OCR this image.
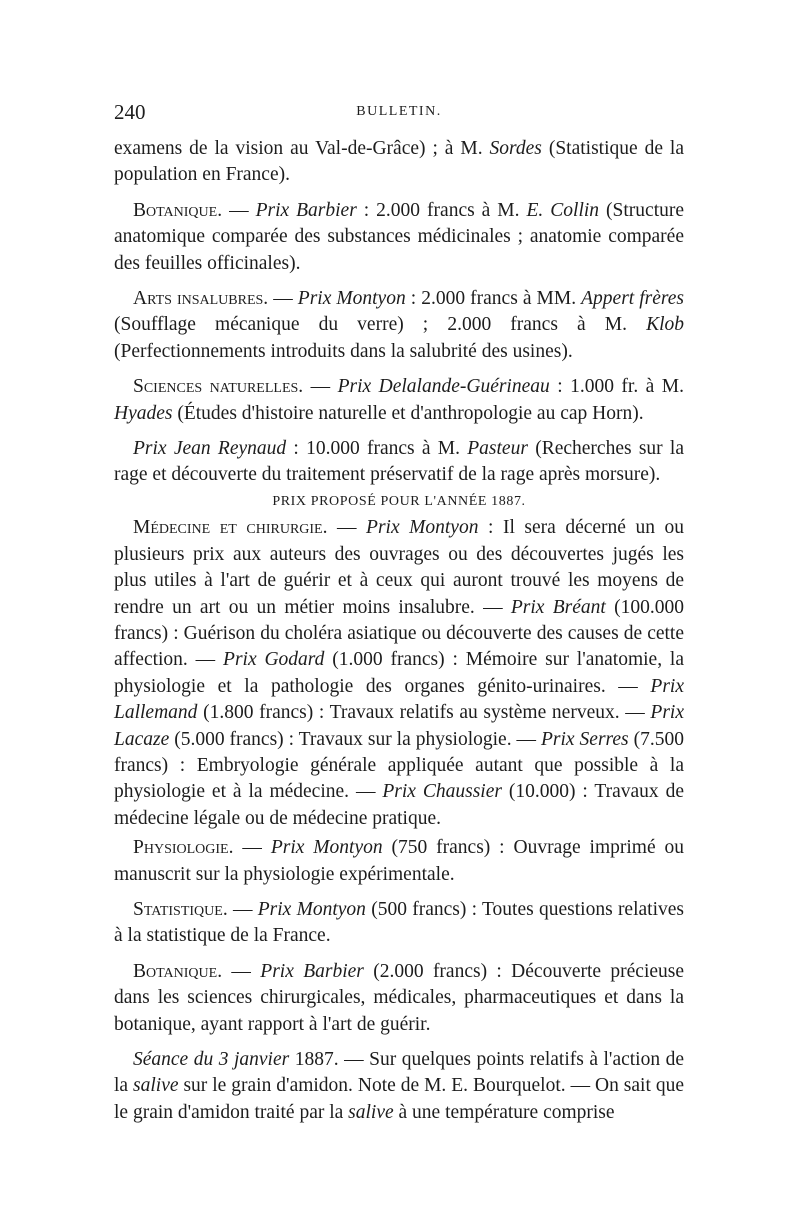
240	BULLETIN.

examens de la vision au Val-de-Grâce) ; à M. Sordes (Statistique de la population en France).

Botanique. — Prix Barbier : 2.000 francs à M. E. Collin (Structure anatomique comparée des substances médicinales ; anatomie comparée des feuilles officinales).

Arts insalubres. — Prix Montyon : 2.000 francs à MM. Appert frères (Soufflage mécanique du verre) ; 2.000 francs à M. Klob (Perfectionnements introduits dans la salubrité des usines).

Sciences naturelles. — Prix Delalande-Guérineau : 1.000 fr. à M. Hyades (Études d'histoire naturelle et d'anthropologie au cap Horn).

Prix Jean Reynaud : 10.000 francs à M. Pasteur (Recherches sur la rage et découverte du traitement préservatif de la rage après morsure).

PRIX PROPOSÉ POUR L'ANNÉE 1887.

Médecine et chirurgie. — Prix Montyon : Il sera décerné un ou plusieurs prix aux auteurs des ouvrages ou des découvertes jugés les plus utiles à l'art de guérir et à ceux qui auront trouvé les moyens de rendre un art ou un métier moins insalubre. — Prix Bréant (100.000 francs) : Guérison du choléra asiatique ou découverte des causes de cette affection. — Prix Godard (1.000 francs) : Mémoire sur l'anatomie, la physiologie et la pathologie des organes génito-urinaires. — Prix Lallemand (1.800 francs) : Travaux relatifs au système nerveux. — Prix Lacaze (5.000 francs) : Travaux sur la physiologie. — Prix Serres (7.500 francs) : Embryologie générale appliquée autant que possible à la physiologie et à la médecine. — Prix Chaussier (10.000) : Travaux de médecine légale ou de médecine pratique.

Physiologie. — Prix Montyon (750 francs) : Ouvrage imprimé ou manuscrit sur la physiologie expérimentale.

Statistique. — Prix Montyon (500 francs) : Toutes questions relatives à la statistique de la France.

Botanique. — Prix Barbier (2.000 francs) : Découverte précieuse dans les sciences chirurgicales, médicales, pharmaceutiques et dans la botanique, ayant rapport à l'art de guérir.

Séance du 3 janvier 1887. — Sur quelques points relatifs à l'action de la salive sur le grain d'amidon. Note de M. E. Bourquelot. — On sait que le grain d'amidon traité par la salive à une température comprise
